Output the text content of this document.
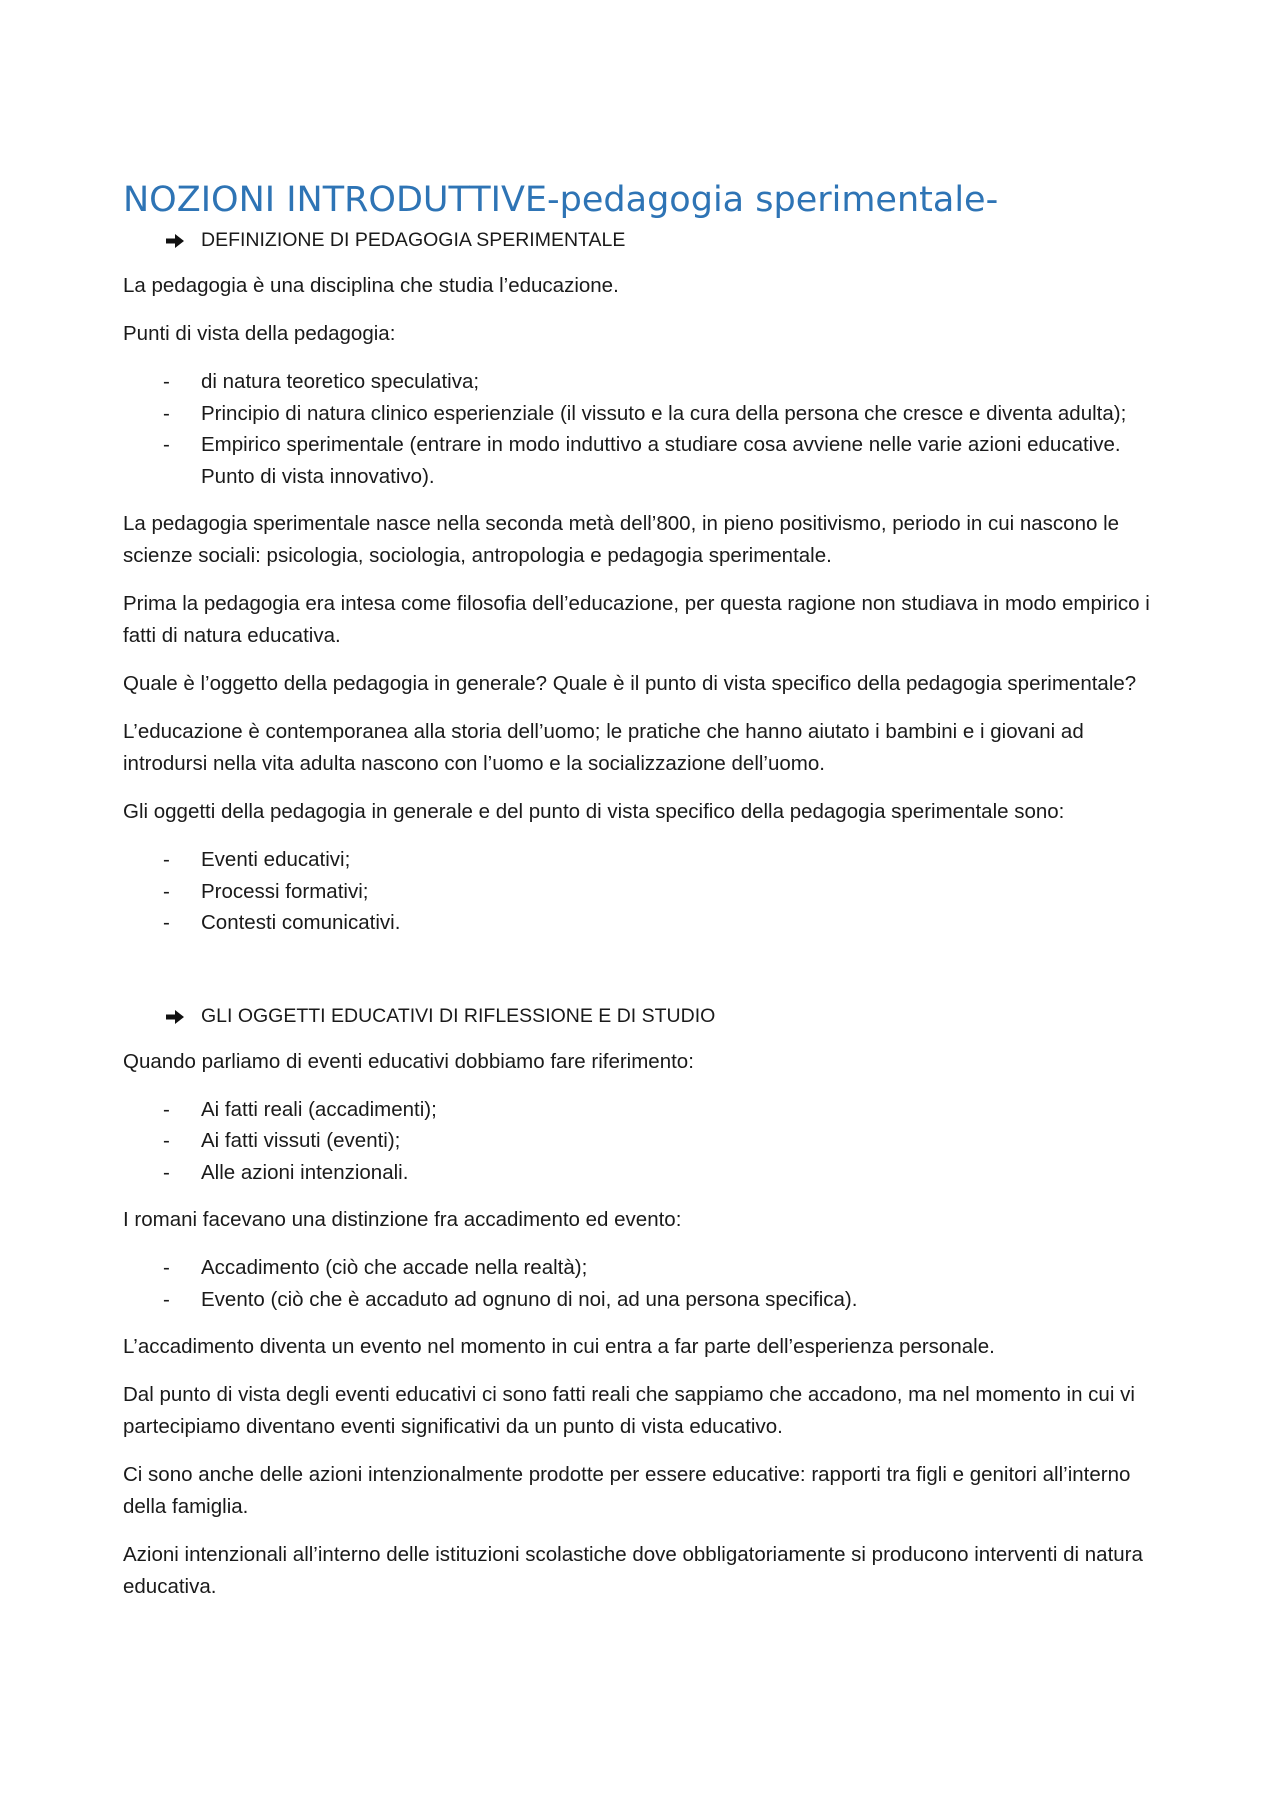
NOZIONI INTRODUTTIVE-pedagogia sperimentale-
DEFINIZIONE DI PEDAGOGIA SPERIMENTALE

La pedagogia è una disciplina che studia l’educazione.

Punti di vista della pedagogia:

- di natura teoretico speculativa;
- Principio di natura clinico esperienziale (il vissuto e la cura della persona che cresce e diventa adulta);
- Empirico sperimentale (entrare in modo induttivo a studiare cosa avviene nelle varie azioni educative. Punto di vista innovativo).

La pedagogia sperimentale nasce nella seconda metà dell’800, in pieno positivismo, periodo in cui nascono le scienze sociali: psicologia, sociologia, antropologia e pedagogia sperimentale.

Prima la pedagogia era intesa come filosofia dell’educazione, per questa ragione non studiava in modo empirico i fatti di natura educativa.

Quale è l’oggetto della pedagogia in generale? Quale è il punto di vista specifico della pedagogia sperimentale?

L’educazione è contemporanea alla storia dell’uomo; le pratiche che hanno aiutato i bambini e i giovani ad introdursi nella vita adulta nascono con l’uomo e la socializzazione dell’uomo.

Gli oggetti della pedagogia in generale e del punto di vista specifico della pedagogia sperimentale sono:

- Eventi educativi;
- Processi formativi;
- Contesti comunicativi.
GLI OGGETTI EDUCATIVI DI RIFLESSIONE E DI STUDIO

Quando parliamo di eventi educativi dobbiamo fare riferimento:

- Ai fatti reali (accadimenti);
- Ai fatti vissuti (eventi);
- Alle azioni intenzionali.

I romani facevano una distinzione fra accadimento ed evento:

- Accadimento (ciò che accade nella realtà);
- Evento (ciò che è accaduto ad ognuno di noi, ad una persona specifica).

L’accadimento diventa un evento nel momento in cui entra a far parte dell’esperienza personale.

Dal punto di vista degli eventi educativi ci sono fatti reali che sappiamo che accadono, ma nel momento in cui vi partecipiamo diventano eventi significativi da un punto di vista educativo.

Ci sono anche delle azioni intenzionalmente prodotte per essere educative: rapporti tra figli e genitori all’interno della famiglia.

Azioni intenzionali all’interno delle istituzioni scolastiche dove obbligatoriamente si producono interventi di natura educativa.
